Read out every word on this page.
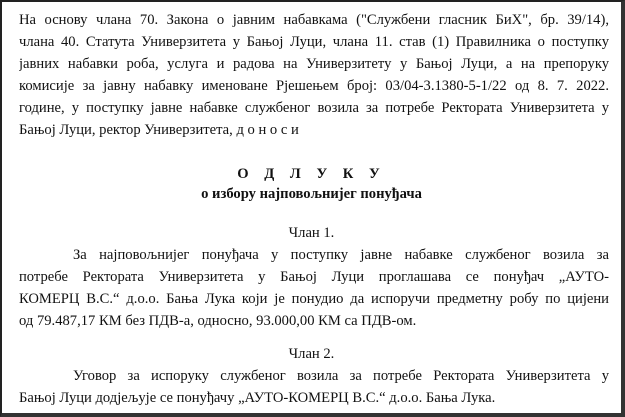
На основу члана 70. Закона о јавним набавкама ("Службени гласник БиХ", бр. 39/14),
члана 40. Статута Универзитета у Бањој Луци, члана 11. став (1) Правилника о поступку
јавних набавки роба, услуга и радова на Универзитету у Бањој Луци, а на препоруку
комисије за јавну набавку именоване Рјешењем број: 03/04-3.1380-5-1/22 од 8. 7. 2022.
године, у поступку јавне набавке службеног возила за потребе Ректората Универзитета у
Бањој Луци, ректор Универзитета, д о н о с и
О Д Л У К У
о избору најповољнијег понуђача
Члан 1.
За најповољнијег понуђача у поступку јавне набавке службеног возила за
потребе Ректората Универзитета у Бањој Луци проглашава се понуђач „АУТО-
КОМЕРЦ В.С.“ д.о.о. Бања Лука који је понудио да испоручи предметну робу по цијени
од 79.487,17 КМ без ПДВ-а, односно, 93.000,00 КМ са ПДВ-ом.
Члан 2.
Уговор за испоруку службеног возила за потребе Ректората Универзитета у
Бањој Луци додјељује се понуђачу „АУТО-КОМЕРЦ В.С.“ д.о.о. Бања Лука.
